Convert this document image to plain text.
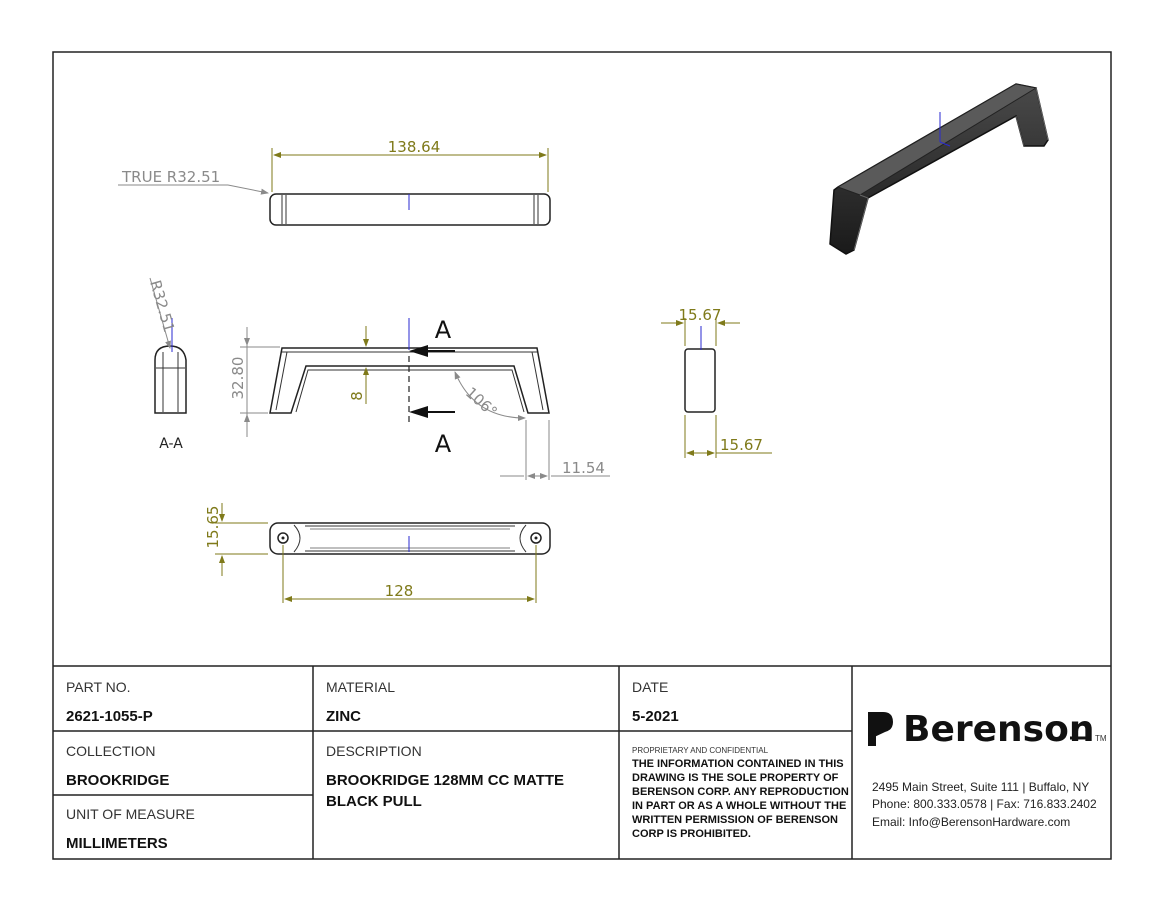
138.64
TRUE R32.51
R32.51
A-A
A
A
32.80	8	106°
11.54
15.67
15.67
15.65
128
PART NO.
2621-1055-P
MATERIAL
ZINC
DATE
5-2021
COLLECTION
BROOKRIDGE
UNIT OF MEASURE
MILLIMETERS
DESCRIPTION
BROOKRIDGE 128MM CC MATTE
BLACK PULL
PROPRIETARY AND CONFIDENTIAL
THE INFORMATION CONTAINED IN THIS
DRAWING IS THE SOLE PROPERTY OF
BERENSON CORP. ANY REPRODUCTION
IN PART OR AS A WHOLE WITHOUT THE
WRITTEN PERMISSION OF BERENSON
CORP IS PROHIBITED.
Berenson TM
2495 Main Street, Suite 111 | Buffalo, NY
Phone: 800.333.0578 | Fax: 716.833.2402
Email: Info@BerensonHardware.com
